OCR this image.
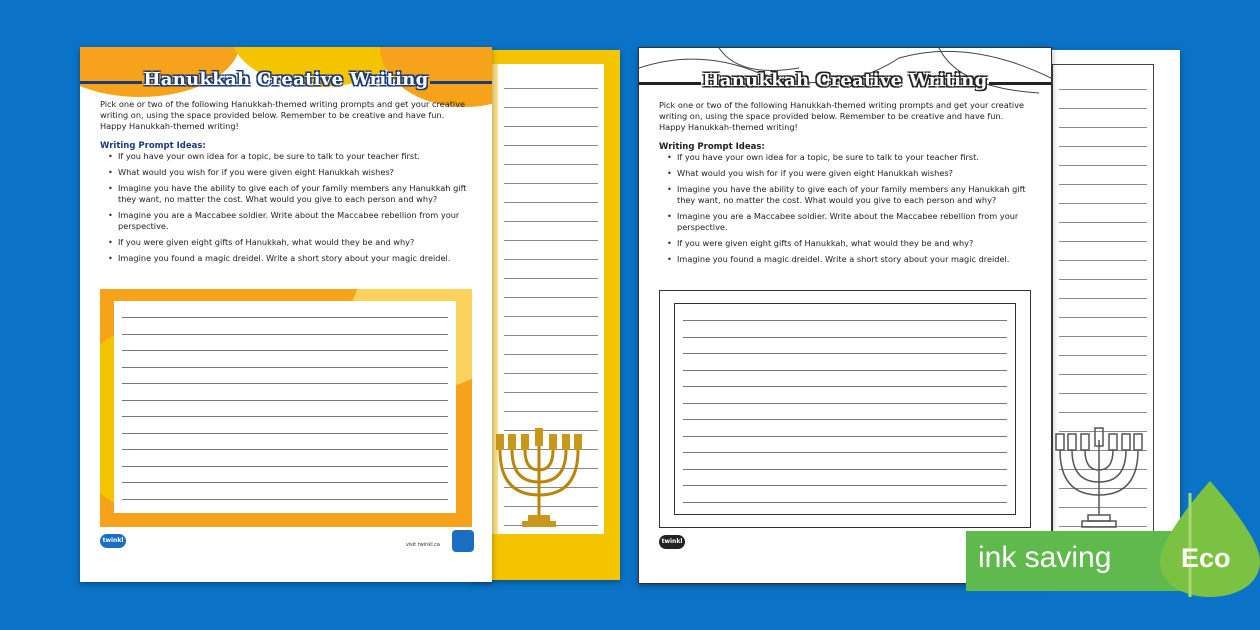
Hanukkah Creative Writing
Pick one or two of the following Hanukkah-themed writing prompts and get your creative writing on, using the space provided below. Remember to be creative and have fun. Happy Hanukkah-themed writing!
Writing Prompt Ideas:
• If you have your own idea for a topic, be sure to talk to your teacher first.
• What would you wish for if you were given eight Hanukkah wishes?
• Imagine you have the ability to give each of your family members any Hanukkah gift they want, no matter the cost. What would you give to each person and why?
• Imagine you are a Maccabee soldier. Write about the Maccabee rebellion from your perspective.
• If you were given eight gifts of Hanukkah, what would they be and why?
• Imagine you found a magic dreidel. Write a short story about your magic dreidel.
twinkl
visit twinkl.ca
Hanukkah Creative Writing
Pick one or two of the following Hanukkah-themed writing prompts and get your creative writing on, using the space provided below. Remember to be creative and have fun. Happy Hanukkah-themed writing!
Writing Prompt Ideas:
• If you have your own idea for a topic, be sure to talk to your teacher first.
• What would you wish for if you were given eight Hanukkah wishes?
• Imagine you have the ability to give each of your family members any Hanukkah gift they want, no matter the cost. What would you give to each person and why?
• Imagine you are a Maccabee soldier. Write about the Maccabee rebellion from your perspective.
• If you were given eight gifts of Hanukkah, what would they be and why?
• Imagine you found a magic dreidel. Write a short story about your magic dreidel.
twinkl	ink saving	Eco
